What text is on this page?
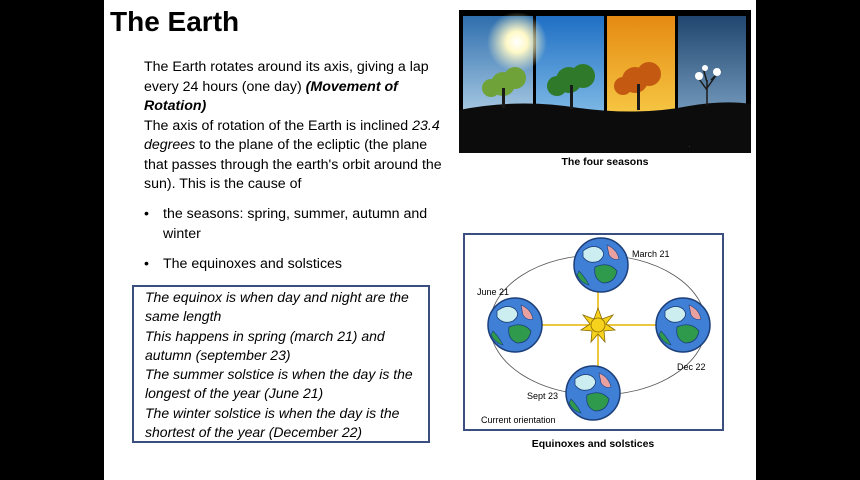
The Earth
The Earth rotates around its axis, giving a lap every 24 hours (one day) (Movement of Rotation)
The axis of rotation of the Earth is inclined 23.4 degrees to the plane of the ecliptic (the plane that passes through the earth's orbit around the sun). This is the cause of
• the seasons: spring, summer, autumn and winter
• The equinoxes and solstices

The equinox is when day and night are the same length

This happens in spring (march 21) and autumn (september 23)

The summer solstice is when the day is the longest of the year (June 21)

The winter solstice is when the day is the shortest of the year (December 22)

.
The four seasons
March 21
June 21
Dec 22
Sept 23
Current orientation
Equinoxes and solstices
